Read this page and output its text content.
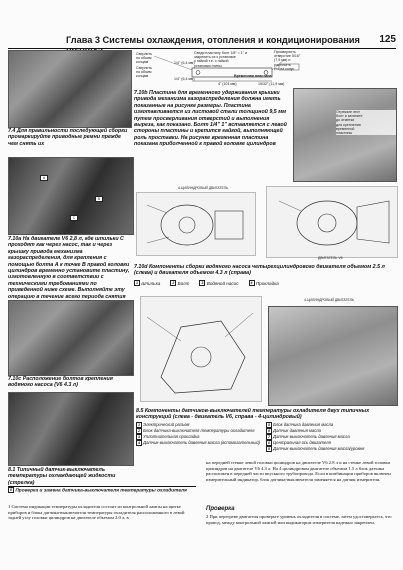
Глава 3 Системы охлаждения, отопления и кондиционирования	125
Сверлить
по обоим
концам
Сверлить
по обоим
концам
1/4" (6,4 мм)
Сведя пластину болт 1/8" = 1" и
закрепить их к установке
с гайкой т.е. с гайкой
установки глины
4" (101 мм)
1/4" (6,4 мм)
Временная пластина
15/32" (11,9 мм)
Просверлить
отверстие 5/16"
(7,9 мм) и
расточить
его на конус
Отрежьте этот
болт и затяните
до отметки
для крепления
временной
пластины
7.10b Пластина для временного удерживания крышки привода механизма газораспределения должна иметь показанные на рисунке размеры. Пластина изготавливается из листовой стали толщиной 9,5 мм путем просверливания отверстий и выполнения выреза, как показано. Болт 1/4" 1" вставляется с левой стороны пластины и крепится гайкой, выполняющей роль проставки. На рисунке временная пластина показана приболченной к правой головке цилиндров
7.4 Для правильности последующей сборки промаркируйте приводные ремни прежде чем снять их
A
B
C
7.10а На двигателе V6 2,8 л, где шпильки С проходят как через насос, так и через крышку привода механизма газораспределения, для крепления с помощью болта А к точке В правой головки цилиндров временно установите пластину, изготовленную в соответствии с техническими требованиями по приведенной ниже схеме. Выполняйте эту операцию в течение всего периода снятия
4-ЦИЛИНДРОВЫЙ ДВИГАТЕЛЬ
ДВИГАТЕЛЬ V6
7.10d Компоненты сборки водяного насоса четырехцилиндрового двигателя объемом 2.5 л (слева) и двигателя объемом 4.3 л (справа)
1
Шпилька	2
Болт	3
Водяной насос	4
Прокладка
7.10с Расположение болтов крепления водяного насоса (V6 4.3 л)
4-ЦИЛИНДРОВЫЙ ДВИГАТЕЛЬ
8.5 Компоненты датчиков-выключателей температуры охладителя двух типичных конструкций (слева - двигатель V6, справа - 4-цилиндровый)
1
Электрический разъем
2
Блок датчика-выключателя температуры охладителя
3
Уплотнительная прокладка
4
Датчик-выключатель давления масла (вспомогательный)
5
Блок датчика давления масла
6
Датчик давления масла
7
Датчик-выключатель давления масла
8
Центральная ось двигателя
9
Датчик-выключатель давления масла/уровня
8.1 Типичный датчик-выключатель температуры охлаждающей жидкости (стрелка)
8 Проверка и замена датчика-выключателя температуры охладителя
1 Система индикации температуры охладителя состоит из контрольной лампы на щитке приборов и блока датчика-выключателя температуры охладителя расположенного в левой задней углу головки цилиндров на двигателе объемом 2.0 л, в
на передней стенке левой головки цилиндров на двигателе V6 2.8 л и на стенке левой головки цилиндров на двигателе V6 4.3 л. На 4 цилиндровом двигателе объемом 1.5 л блок датчика расположен в передней части впускного трубопровода. Если в комбинации приборов включен измерительный индикатор, блок датчика-выключателя заменяется на датчик измерителя.
Проверка
2 При перегреве двигателя проверьте уровень охладителя в системе, затем удостоверьтесь, что провод, между контрольной лампой или индикатором измерителя надежно закреплен.
